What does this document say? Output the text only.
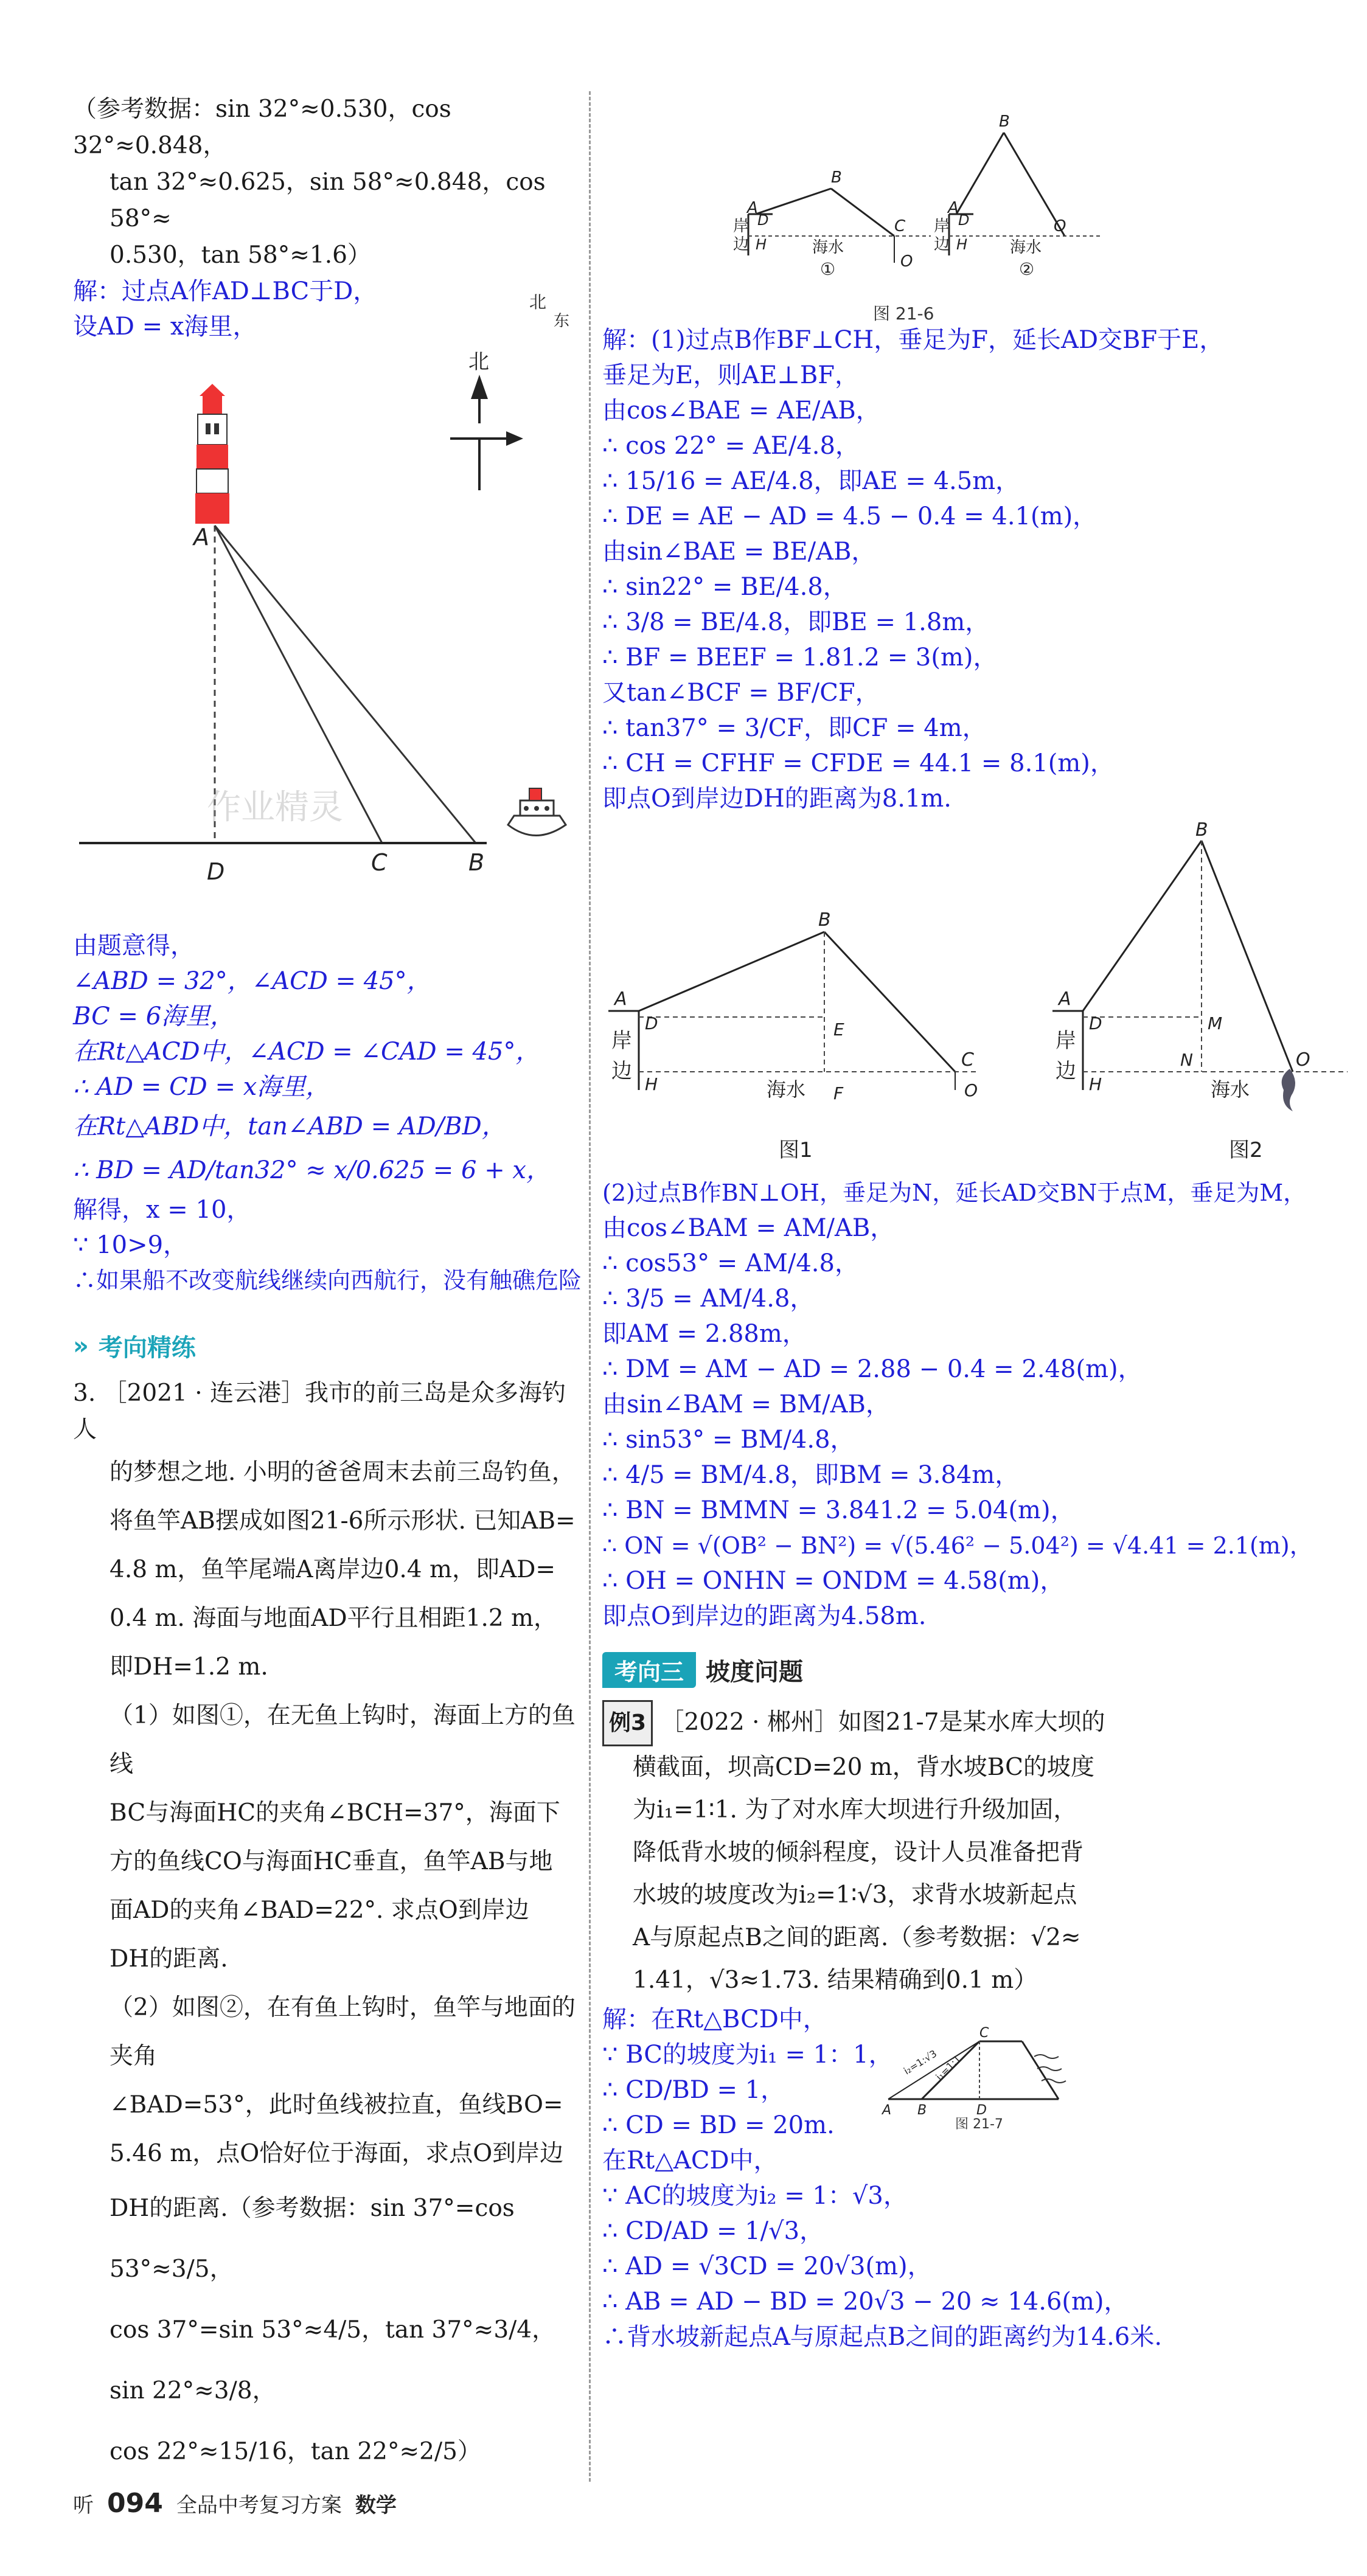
（参考数据：sin 32°≈0.530，cos 32°≈0.848，

tan 32°≈0.625，sin 58°≈0.848，cos 58°≈

0.530，tan 58°≈1.6）

解：过点A作AD⊥BC于D，

设AD = x海里，

北
北
东
A
D	C	B
作业精灵

由题意得，

∠ABD = 32°，∠ACD = 45°，

BC = 6海里，

在Rt△ACD中，∠ACD = ∠CAD = 45°，

∴ AD = CD = x海里，

在Rt△ABD中，tan∠ABD = AD/BD，

∴ BD = AD/tan32° ≈ x/0.625 = 6 + x，

解得，x = 10，

∵ 10>9，

∴如果船不改变航线继续向西航行，没有触礁危险

» 考向精练

3. ［2021 · 连云港］我市的前三岛是众多海钓人

的梦想之地. 小明的爸爸周末去前三岛钓鱼，

将鱼竿AB摆成如图21-6所示形状. 已知AB=

4.8 m，鱼竿尾端A离岸边0.4 m，即AD=

0.4 m. 海面与地面AD平行且相距1.2 m，

即DH=1.2 m.

（1）如图①，在无鱼上钩时，海面上方的鱼线

BC与海面HC的夹角∠BCH=37°，海面下

方的鱼线CO与海面HC垂直，鱼竿AB与地

面AD的夹角∠BAD=22°. 求点O到岸边

DH的距离.

（2）如图②，在有鱼上钩时，鱼竿与地面的夹角

∠BAD=53°，此时鱼线被拉直，鱼线BO=

5.46 m，点O恰好位于海面，求点O到岸边

DH的距离.（参考数据：sin 37°=cos 53°≈3/5，

cos 37°=sin 53°≈4/5，tan 37°≈3/4，sin 22°≈3/8，

cos 22°≈15/16，tan 22°≈2/5）

B
C
O
A
D
H
岸
边	海水
①
B
O
A
D
H
岸
边	海水
②
图 21-6

解：(1)过点B作BF⊥CH，垂足为F，延长AD交BF于E，

垂足为E，则AE⊥BF，

由cos∠BAE = AE/AB，

∴ cos 22° = AE/4.8，

∴ 15/16 = AE/4.8，即AE = 4.5m，

∴ DE = AE − AD = 4.5 − 0.4 = 4.1(m)，

由sin∠BAE = BE/AB，

∴ sin22° = BE/4.8，

∴ 3/8 = BE/4.8，即BE = 1.8m，

∴ BF = BEEF = 1.81.2 = 3(m)，

又tan∠BCF = BF/CF，

∴ tan37° = 3/CF，即CF = 4m，

∴ CH = CFHF = CFDE = 44.1 = 8.1(m)，

即点O到岸边DH的距离为8.1m.

B
A
D	E
H
C
O
F
岸
边
海水
图1
B
A
D	M
N
H
O
岸
边
海水
图2

(2)过点B作BN⊥OH，垂足为N，延长AD交BN于点M，垂足为M，

由cos∠BAM = AM/AB，

∴ cos53° = AM/4.8，

∴ 3/5 = AM/4.8，

即AM = 2.88m，

∴ DM = AM − AD = 2.88 − 0.4 = 2.48(m)，

由sin∠BAM = BM/AB，

∴ sin53° = BM/4.8，

∴ 4/5 = BM/4.8，即BM = 3.84m，

∴ BN = BMMN = 3.841.2 = 5.04(m)，

∴ ON = √(OB² − BN²) = √(5.46² − 5.04²) = √4.41 = 2.1(m)，

∴ OH = ONHN = ONDM = 4.58(m)，

即点O到岸边的距离为4.58m.

考向三 坡度问题

例3 ［2022 · 郴州］如图21-7是某水库大坝的

横截面，坝高CD=20 m，背水坡BC的坡度

为i₁=1∶1. 为了对水库大坝进行升级加固，

降低背水坡的倾斜程度，设计人员准备把背

水坡的坡度改为i₂=1∶√3，求背水坡新起点

A与原起点B之间的距离.（参考数据：√2≈

1.41，√3≈1.73. 结果精确到0.1 m）

解：在Rt△BCD中，

∵ BC的坡度为i₁ = 1：1，

∴ CD/BD = 1，

∴ CD = BD = 20m.

在Rt△ACD中，

∵ AC的坡度为i₂ = 1：√3，

∴ CD/AD = 1/√3，

∴ AD = √3CD = 20√3(m)，

∴ AB = AD − BD = 20√3 − 20 ≈ 14.6(m)，

∴背水坡新起点A与原起点B之间的距离约为14.6米.

A B
C
D
i₂=1:√3
i₁=1:1
图 21-7
听 094 全品中考复习方案 数学
